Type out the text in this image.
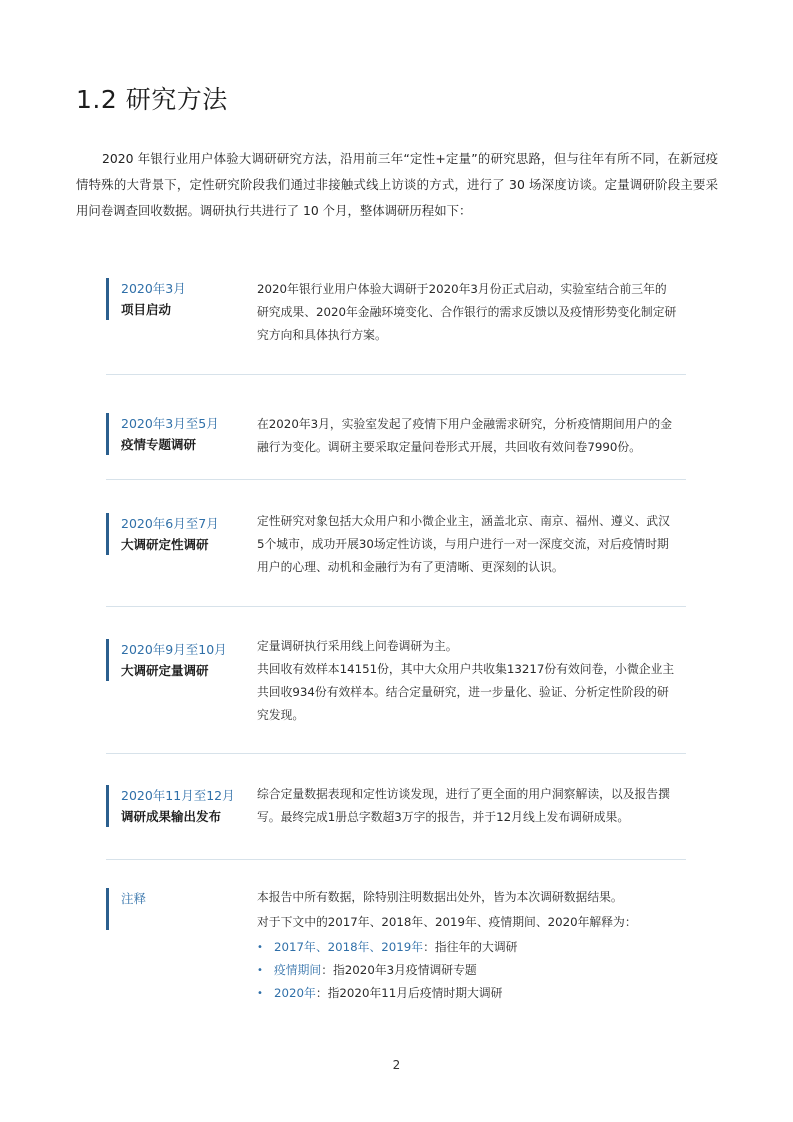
1.2 研究方法

2020 年银行业用户体验大调研研究方法，沿用前三年“定性+定量”的研究思路，但与往年有所不同，在新冠疫情特殊的大背景下，定性研究阶段我们通过非接触式线上访谈的方式，进行了 30 场深度访谈。定量调研阶段主要采用问卷调查回收数据。调研执行共进行了 10 个月，整体调研历程如下：

2020年3月
项目启动
2020年银行业用户体验大调研于2020年3月份正式启动，实验室结合前三年的研究成果、2020年金融环境变化、合作银行的需求反馈以及疫情形势变化制定研究方向和具体执行方案。
2020年3月至5月
疫情专题调研
在2020年3月，实验室发起了疫情下用户金融需求研究，分析疫情期间用户的金融行为变化。调研主要采取定量问卷形式开展，共回收有效问卷7990份。
2020年6月至7月
大调研定性调研
定性研究对象包括大众用户和小微企业主，涵盖北京、南京、福州、遵义、武汉5个城市，成功开展30场定性访谈，与用户进行一对一深度交流，对后疫情时期用户的心理、动机和金融行为有了更清晰、更深刻的认识。
2020年9月至10月
大调研定量调研
定量调研执行采用线上问卷调研为主。
共回收有效样本14151份，其中大众用户共收集13217份有效问卷，小微企业主共回收934份有效样本。结合定量研究，进一步量化、验证、分析定性阶段的研究发现。
2020年11月至12月
调研成果输出发布
综合定量数据表现和定性访谈发现，进行了更全面的用户洞察解读，以及报告撰写。最终完成1册总字数超3万字的报告，并于12月线上发布调研成果。
注释	本报告中所有数据，除特别注明数据出处外，皆为本次调研数据结果。
对于下文中的2017年、2018年、2019年、疫情期间、2020年解释为：
• 2017年、2018年、2019年：指往年的大调研
• 疫情期间：指2020年3月疫情调研专题
• 2020年：指2020年11月后疫情时期大调研
2
